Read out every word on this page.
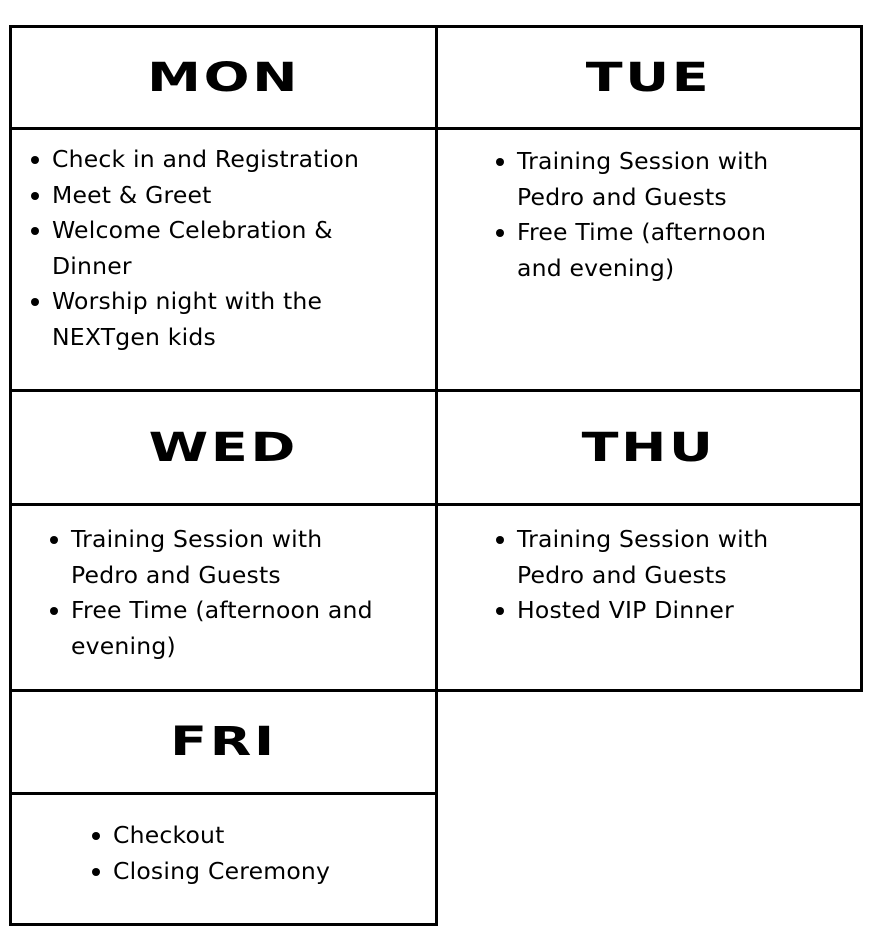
MON	TUE
Check in and Registration
Meet & Greet
Welcome Celebration & Dinner
Worship night with the NEXTgen kids
Training Session with Pedro and Guests
Free Time (afternoon and evening)
WED	THU
Training Session with Pedro and Guests
Free Time (afternoon and evening)
Training Session with Pedro and Guests
Hosted VIP Dinner
FRI
Checkout
Closing Ceremony
